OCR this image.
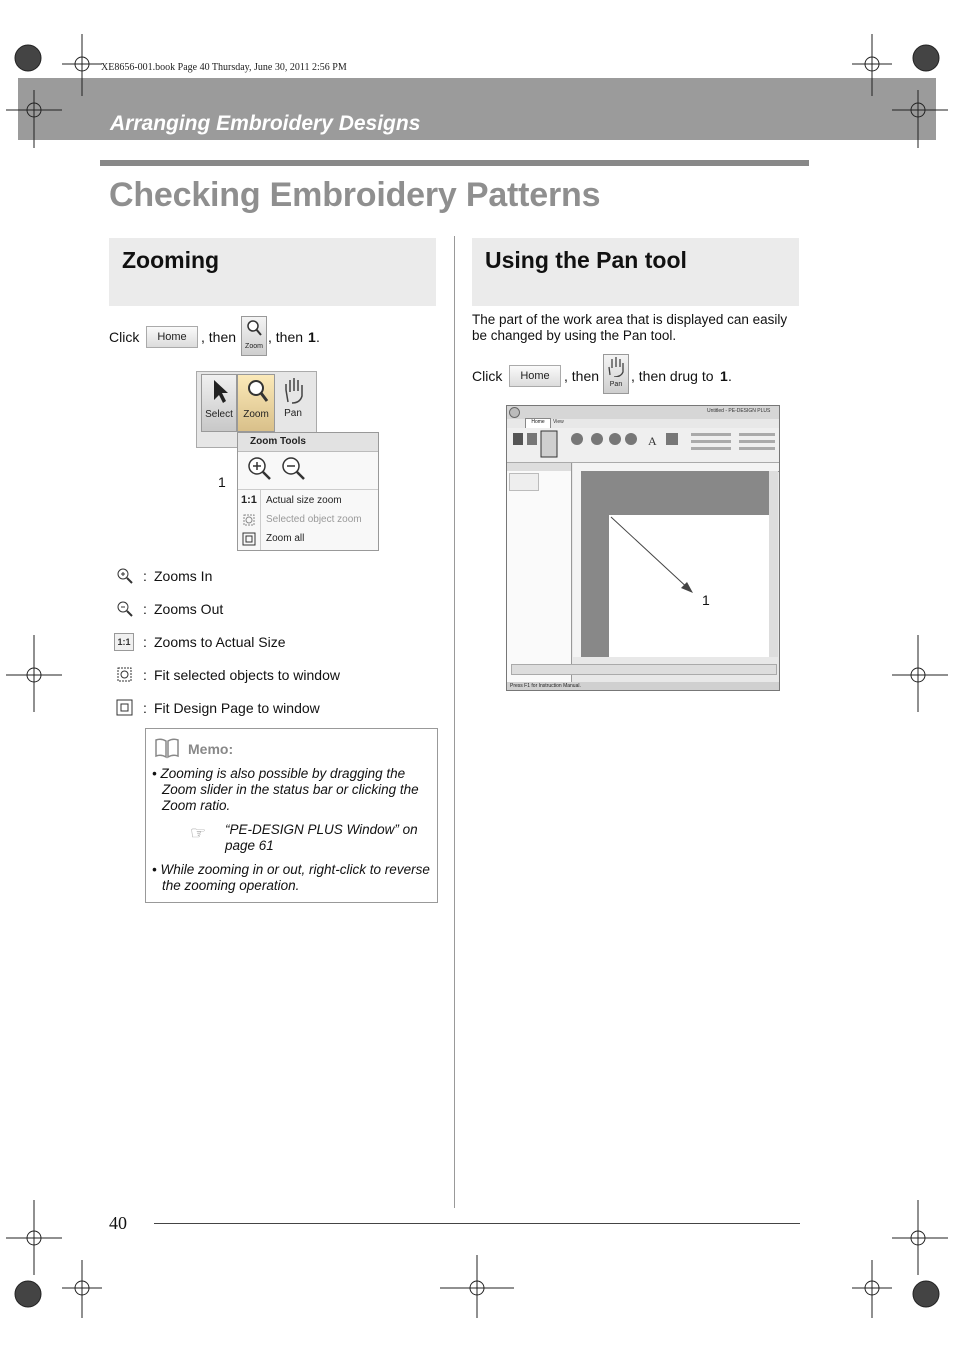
XE8656-001.book Page 40 Thursday, June 30, 2011 2:56 PM
Arranging Embroidery Designs
Checking Embroidery Patterns
Zooming
Click	Home	, then
Zoom
, then 1 .
Select	Zoom	Pan
Zoom Tools
1:1 Actual size zoom
Selected object zoom
Zoom all
1
: Zooms In
: Zooms Out
1:1 : Zooms to Actual Size
: Fit selected objects to window
: Fit Design Page to window
Memo:
• Zooming is also possible by dragging the Zoom slider in the status bar or clicking the Zoom ratio.
☞ “PE-DESIGN PLUS Window” on page 61
• While zooming in or out, right-click to reverse the zooming operation.
Using the Pan tool
The part of the work area that is displayed can easily be changed by using the Pan tool.
Click	Home	, then
Pan
, then drug to 1 .
Untitled - PE-DESIGN PLUS
Home	View
A
Press F1 for Instruction Manual.
1
40
